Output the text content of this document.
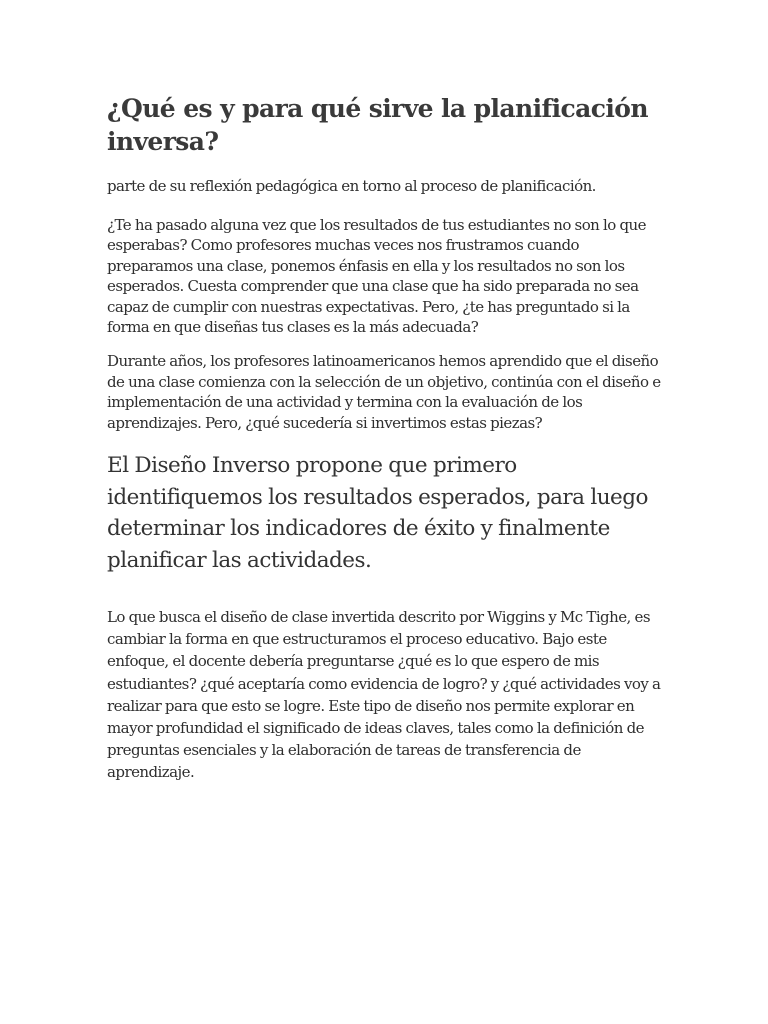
¿Qué es y para qué sirve la planificación inversa?

parte de su reflexión pedagógica en torno al proceso de planificación.

¿Te ha pasado alguna vez que los resultados de tus estudiantes no son lo que esperabas? Como profesores muchas veces nos frustramos cuando preparamos una clase, ponemos énfasis en ella y los resultados no son los esperados. Cuesta comprender que una clase que ha sido preparada no sea capaz de cumplir con nuestras expectativas. Pero, ¿te has preguntado si la forma en que diseñas tus clases es la más adecuada?

Durante años, los profesores latinoamericanos hemos aprendido que el diseño de una clase comienza con la selección de un objetivo, continúa con el diseño e implementación de una actividad y termina con la evaluación de los aprendizajes. Pero, ¿qué sucedería si invertimos estas piezas?

El Diseño Inverso propone que primero identifiquemos los resultados esperados, para luego determinar los indicadores de éxito y finalmente planificar las actividades.

Lo que busca el diseño de clase invertida descrito por Wiggins y Mc Tighe, es cambiar la forma en que estructuramos el proceso educativo. Bajo este enfoque, el docente debería preguntarse ¿qué es lo que espero de mis estudiantes? ¿qué aceptaría como evidencia de logro? y ¿qué actividades voy a realizar para que esto se logre. Este tipo de diseño nos permite explorar en mayor profundidad el significado de ideas claves, tales como la definición de preguntas esenciales y la elaboración de tareas de transferencia de aprendizaje.
